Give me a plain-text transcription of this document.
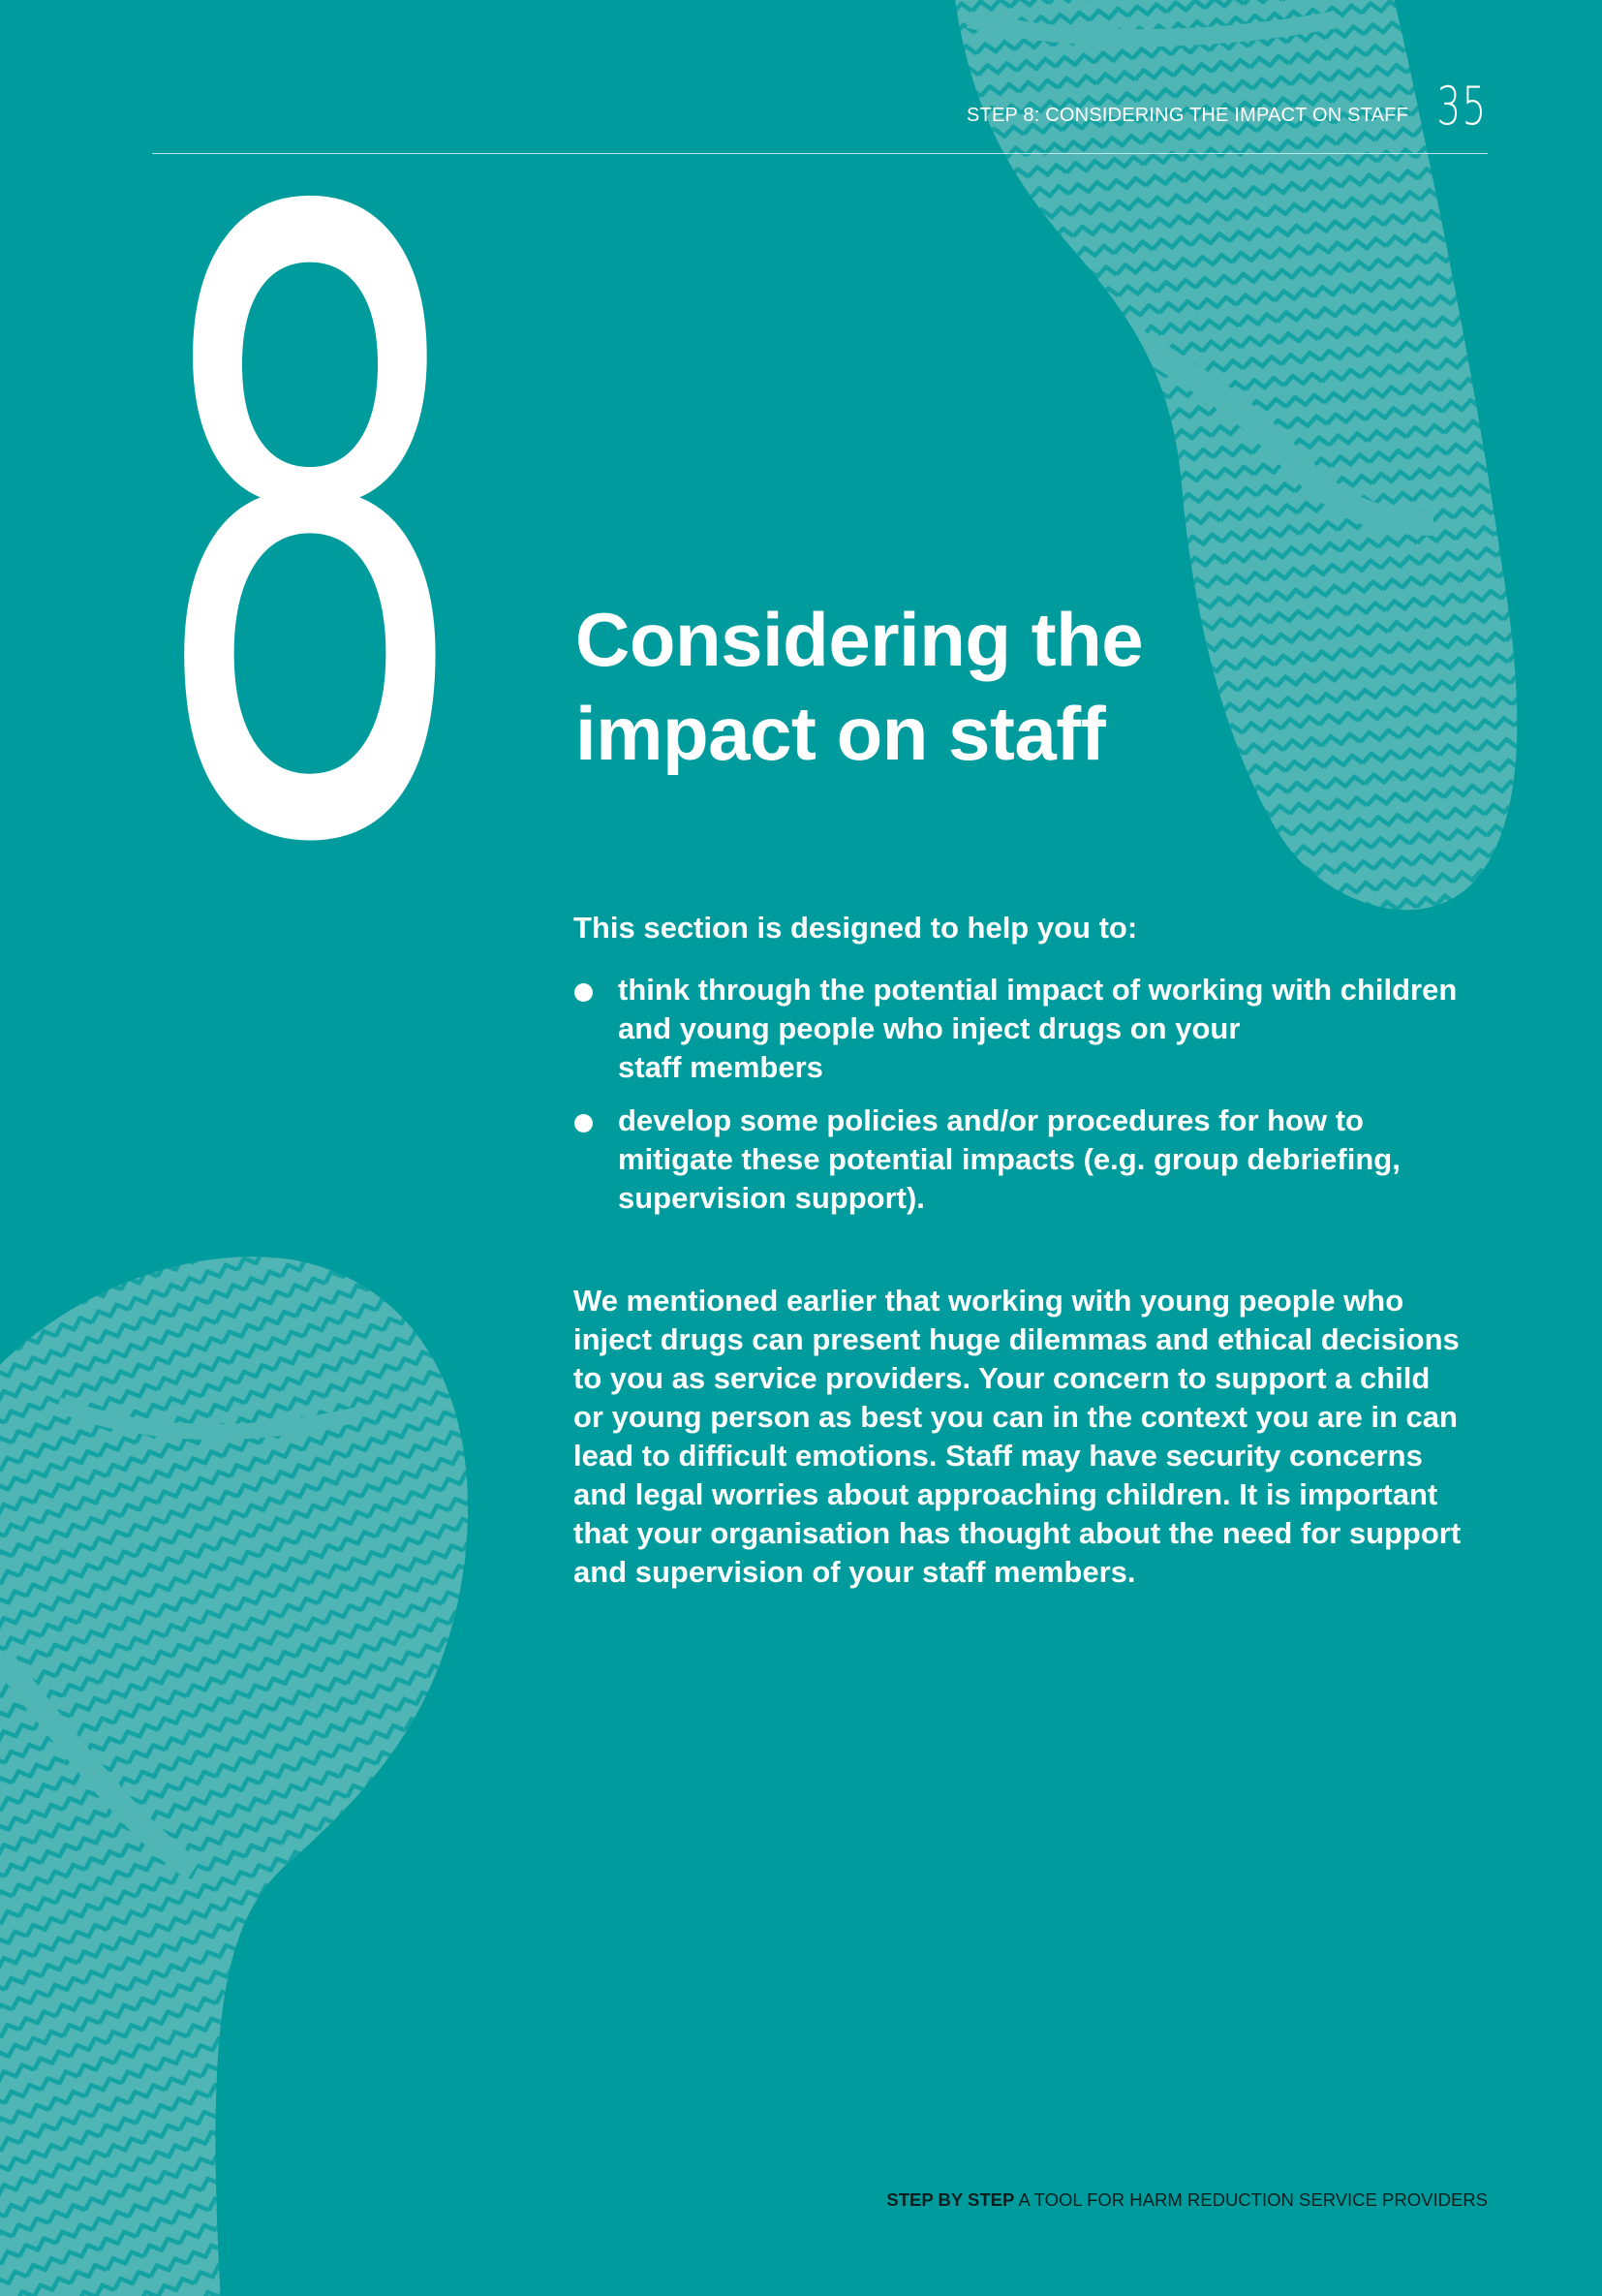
STEP 8: CONSIDERING THE IMPACT ON STAFF 35
8 Considering the
impact on staff
This section is designed to help you to:
think through the potential impact of working with children
and young people who inject drugs on your
staff members
develop some policies and/or procedures for how to
mitigate these potential impacts (e.g. group debriefing,
supervision support).

We mentioned earlier that working with young people who
inject drugs can present huge dilemmas and ethical decisions
to you as service providers. Your concern to support a child
or young person as best you can in the context you are in can
lead to difficult emotions. Staff may have security concerns
and legal worries about approaching children. It is important
that your organisation has thought about the need for support
and supervision of your staff members.

STEP BY STEP A TOOL FOR HARM REDUCTION SERVICE PROVIDERS
